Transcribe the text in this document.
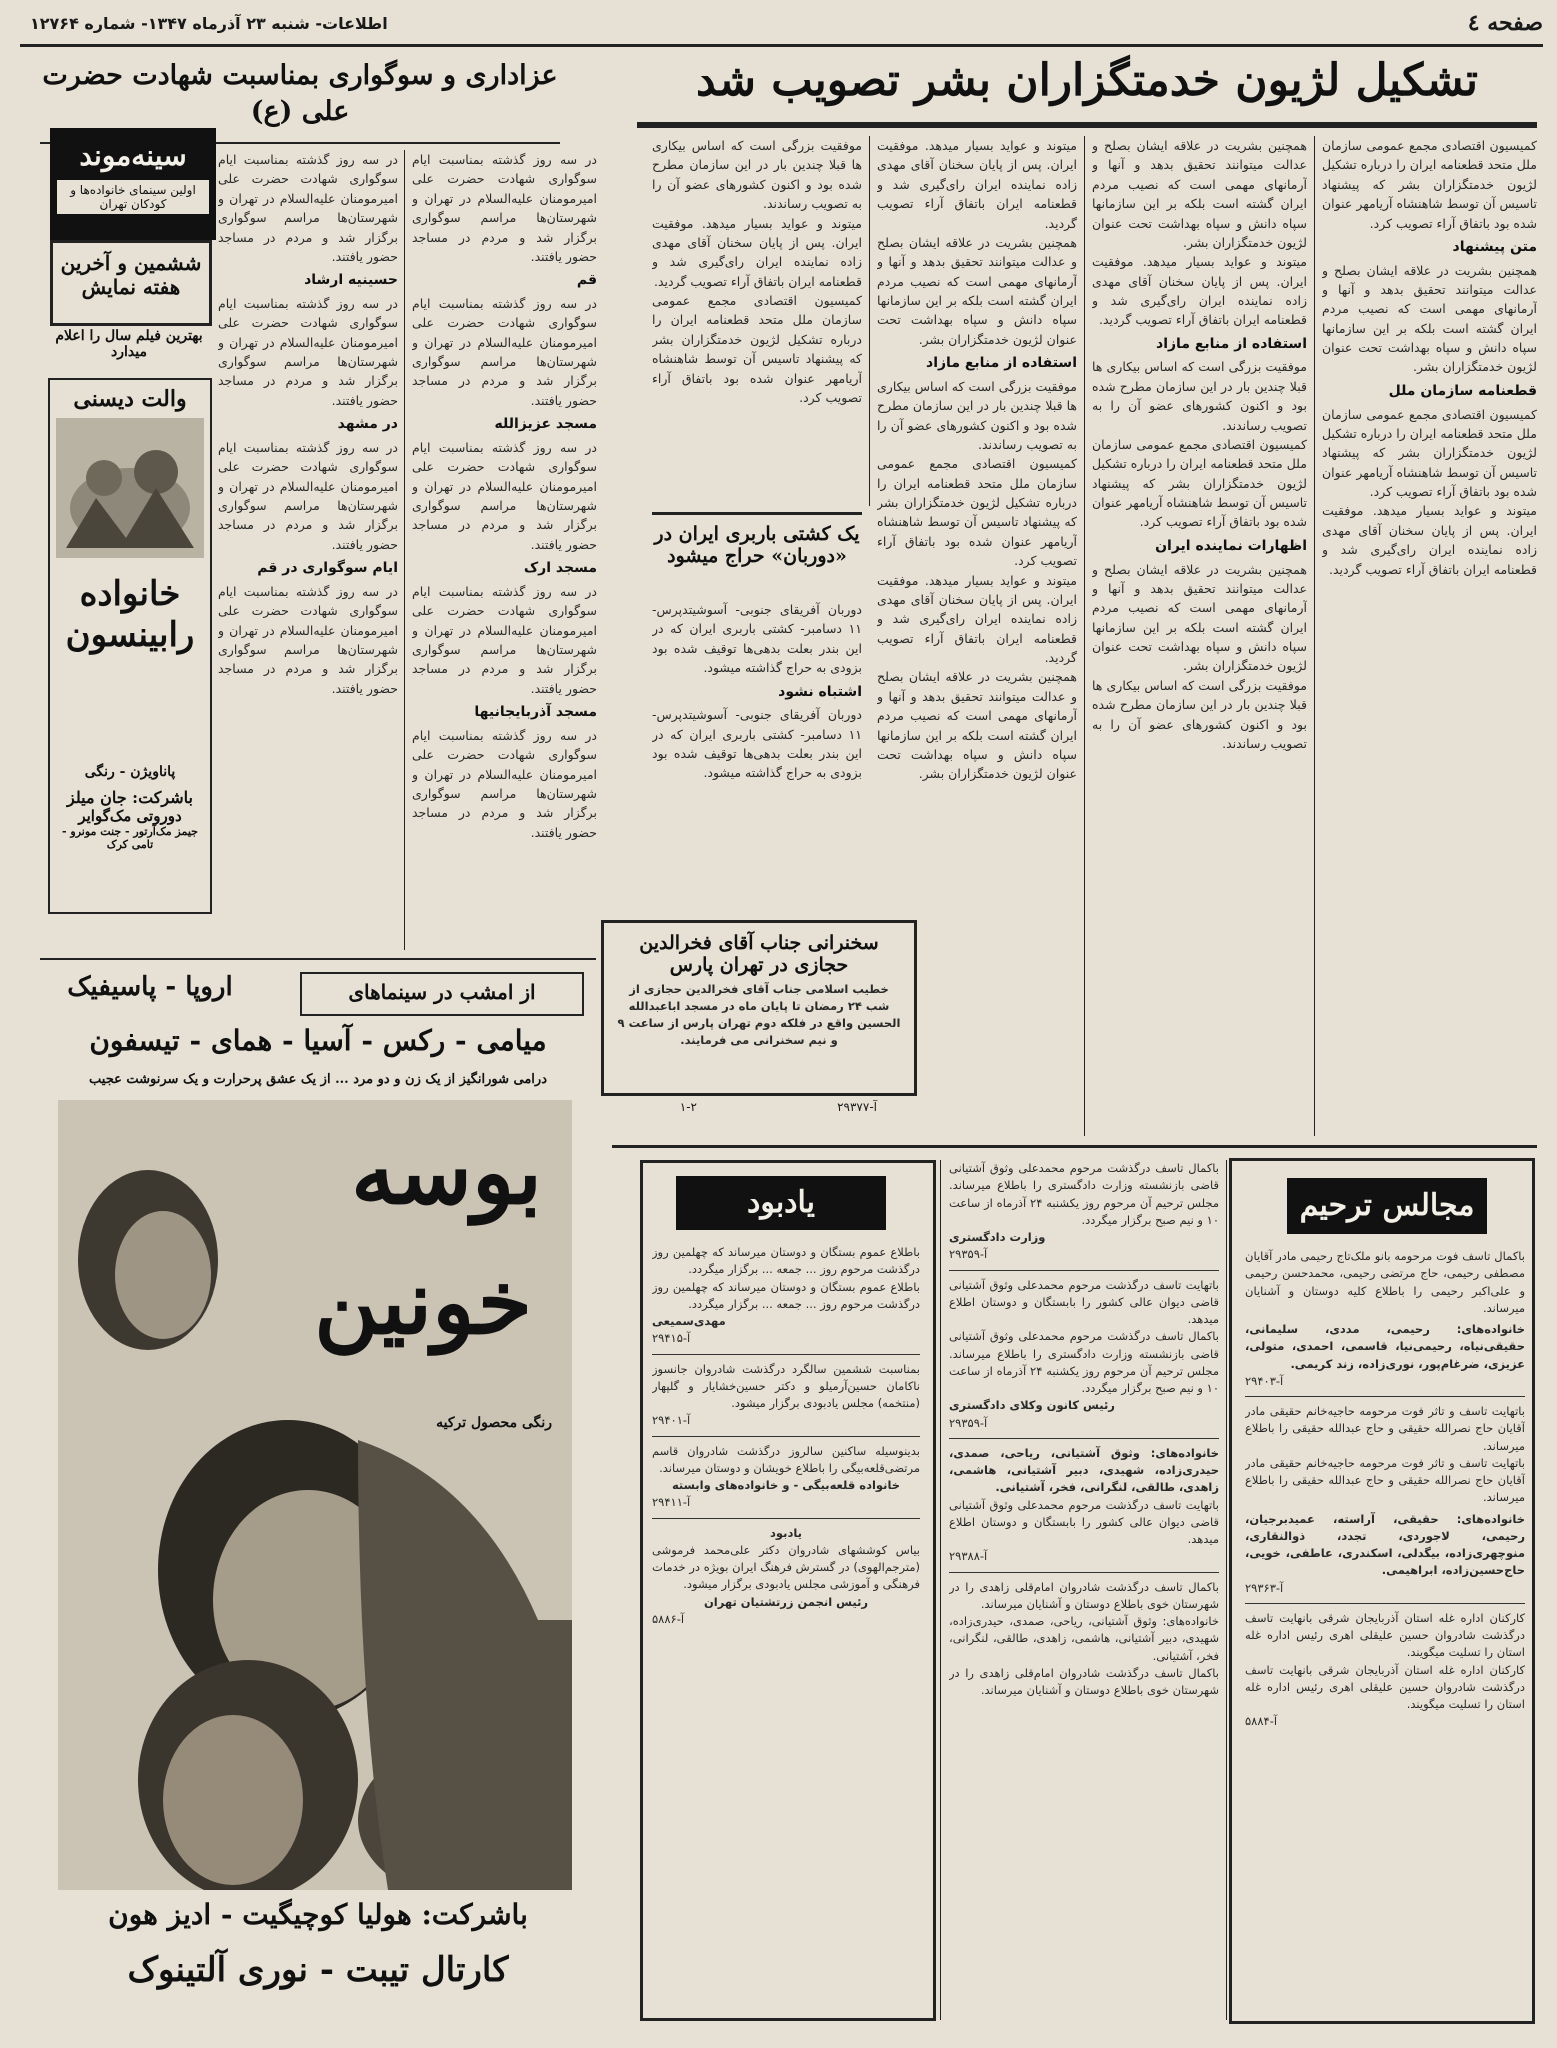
صفحه ٤
اطلاعات- شنبه ۲۳ آذرماه ۱۳۴۷- شماره ۱۲۷۶۴
تشکیل لژیون خدمتگزاران بشر تصویب شد
کمیسیون اقتصادی مجمع عمومی سازمان ملل متحد قطعنامه ایران را درباره تشکیل لژیون خدمتگزاران بشر که پیشنهاد تاسیس آن توسط شاهنشاه آریامهر عنوان شده بود باتفاق آراء تصویب کرد.
متن پیشنهاد
همچنین بشریت در علاقه ایشان بصلح و عدالت میتوانند تحقیق بدهد و آنها و آرمانهای مهمی است که نصیب مردم ایران گشته است بلکه بر این سازمانها سپاه دانش و سپاه بهداشت تحت عنوان لژیون خدمتگزاران بشر.
قطعنامه سازمان ملل
کمیسیون اقتصادی مجمع عمومی سازمان ملل متحد قطعنامه ایران را درباره تشکیل لژیون خدمتگزاران بشر که پیشنهاد تاسیس آن توسط شاهنشاه آریامهر عنوان شده بود باتفاق آراء تصویب کرد.
میتوند و عواید بسیار میدهد. موفقیت ایران. پس از پایان سخنان آقای مهدی‌ زاده نماینده ایران رای‌گیری شد و قطعنامه ایران باتفاق آراء تصویب گردید.
همچنین بشریت در علاقه ایشان بصلح و عدالت میتوانند تحقیق بدهد و آنها و آرمانهای مهمی است که نصیب مردم ایران گشته است بلکه بر این سازمانها سپاه دانش و سپاه بهداشت تحت عنوان لژیون خدمتگزاران بشر.
میتوند و عواید بسیار میدهد. موفقیت ایران. پس از پایان سخنان آقای مهدی‌ زاده نماینده ایران رای‌گیری شد و قطعنامه ایران باتفاق آراء تصویب گردید.
استفاده از منابع مازاد
موفقیت بزرگی است که اساس بیکاری ها قبلا چندین بار در این سازمان مطرح شده بود و اکنون کشورهای عضو آن را به تصویب رساندند.
کمیسیون اقتصادی مجمع عمومی سازمان ملل متحد قطعنامه ایران را درباره تشکیل لژیون خدمتگزاران بشر که پیشنهاد تاسیس آن توسط شاهنشاه آریامهر عنوان شده بود باتفاق آراء تصویب کرد.
اظهارات نماینده ایران
همچنین بشریت در علاقه ایشان بصلح و عدالت میتوانند تحقیق بدهد و آنها و آرمانهای مهمی است که نصیب مردم ایران گشته است بلکه بر این سازمانها سپاه دانش و سپاه بهداشت تحت عنوان لژیون خدمتگزاران بشر.
موفقیت بزرگی است که اساس بیکاری ها قبلا چندین بار در این سازمان مطرح شده بود و اکنون کشورهای عضو آن را به تصویب رساندند.
میتوند و عواید بسیار میدهد. موفقیت ایران. پس از پایان سخنان آقای مهدی‌ زاده نماینده ایران رای‌گیری شد و قطعنامه ایران باتفاق آراء تصویب گردید.
همچنین بشریت در علاقه ایشان بصلح و عدالت میتوانند تحقیق بدهد و آنها و آرمانهای مهمی است که نصیب مردم ایران گشته است بلکه بر این سازمانها سپاه دانش و سپاه بهداشت تحت عنوان لژیون خدمتگزاران بشر.
استفاده از منابع مازاد
موفقیت بزرگی است که اساس بیکاری ها قبلا چندین بار در این سازمان مطرح شده بود و اکنون کشورهای عضو آن را به تصویب رساندند.
کمیسیون اقتصادی مجمع عمومی سازمان ملل متحد قطعنامه ایران را درباره تشکیل لژیون خدمتگزاران بشر که پیشنهاد تاسیس آن توسط شاهنشاه آریامهر عنوان شده بود باتفاق آراء تصویب کرد.
میتوند و عواید بسیار میدهد. موفقیت ایران. پس از پایان سخنان آقای مهدی‌ زاده نماینده ایران رای‌گیری شد و قطعنامه ایران باتفاق آراء تصویب گردید.
همچنین بشریت در علاقه ایشان بصلح و عدالت میتوانند تحقیق بدهد و آنها و آرمانهای مهمی است که نصیب مردم ایران گشته است بلکه بر این سازمانها سپاه دانش و سپاه بهداشت تحت عنوان لژیون خدمتگزاران بشر.
موفقیت بزرگی است که اساس بیکاری ها قبلا چندین بار در این سازمان مطرح شده بود و اکنون کشورهای عضو آن را به تصویب رساندند.
میتوند و عواید بسیار میدهد. موفقیت ایران. پس از پایان سخنان آقای مهدی‌ زاده نماینده ایران رای‌گیری شد و قطعنامه ایران باتفاق آراء تصویب گردید.
کمیسیون اقتصادی مجمع عمومی سازمان ملل متحد قطعنامه ایران را درباره تشکیل لژیون خدمتگزاران بشر که پیشنهاد تاسیس آن توسط شاهنشاه آریامهر عنوان شده بود باتفاق آراء تصویب کرد.
یک کشتی باربری ایران در «دوربان» حراج میشود
دوربان آفریقای جنوبی- آسوشیتدپرس- ۱۱ دسامبر- کشتی باربری ایران که در این بندر بعلت بدهی‌ها توقیف شده بود بزودی به حراج گذاشته میشود.
اشتباه نشود
دوربان آفریقای جنوبی- آسوشیتدپرس- ۱۱ دسامبر- کشتی باربری ایران که در این بندر بعلت بدهی‌ها توقیف شده بود بزودی به حراج گذاشته میشود.
سخنرانی جناب آقای فخرالدین حجازی در تهران پارس
خطیب اسلامی جناب آقای فخرالدین حجازی از شب ۲۴ رمضان تا پایان ماه در مسجد اباعبدالله الحسین واقع در فلکه دوم تهران پارس از ساعت ۹ و نیم سخنرانی می فرمایند.
۱-۲	آ-۲۹۳۷۷
عزاداری و سوگواری بمناسبت شهادت حضرت علی (ع)
در سه روز گذشته بمناسبت ایام سوگواری شهادت حضرت علی امیرمومنان علیه‌السلام در تهران و شهرستان‌ها مراسم سوگواری برگزار شد و مردم در مساجد حضور یافتند.
قم
در سه روز گذشته بمناسبت ایام سوگواری شهادت حضرت علی امیرمومنان علیه‌السلام در تهران و شهرستان‌ها مراسم سوگواری برگزار شد و مردم در مساجد حضور یافتند.
مسجد عزیزالله
در سه روز گذشته بمناسبت ایام سوگواری شهادت حضرت علی امیرمومنان علیه‌السلام در تهران و شهرستان‌ها مراسم سوگواری برگزار شد و مردم در مساجد حضور یافتند.
مسجد ارک
در سه روز گذشته بمناسبت ایام سوگواری شهادت حضرت علی امیرمومنان علیه‌السلام در تهران و شهرستان‌ها مراسم سوگواری برگزار شد و مردم در مساجد حضور یافتند.
مسجد آذربایجانیها
در سه روز گذشته بمناسبت ایام سوگواری شهادت حضرت علی امیرمومنان علیه‌السلام در تهران و شهرستان‌ها مراسم سوگواری برگزار شد و مردم در مساجد حضور یافتند.
در سه روز گذشته بمناسبت ایام سوگواری شهادت حضرت علی امیرمومنان علیه‌السلام در تهران و شهرستان‌ها مراسم سوگواری برگزار شد و مردم در مساجد حضور یافتند.
حسینیه ارشاد
در سه روز گذشته بمناسبت ایام سوگواری شهادت حضرت علی امیرمومنان علیه‌السلام در تهران و شهرستان‌ها مراسم سوگواری برگزار شد و مردم در مساجد حضور یافتند.
در مشهد
در سه روز گذشته بمناسبت ایام سوگواری شهادت حضرت علی امیرمومنان علیه‌السلام در تهران و شهرستان‌ها مراسم سوگواری برگزار شد و مردم در مساجد حضور یافتند.
ایام سوگواری در قم
در سه روز گذشته بمناسبت ایام سوگواری شهادت حضرت علی امیرمومنان علیه‌السلام در تهران و شهرستان‌ها مراسم سوگواری برگزار شد و مردم در مساجد حضور یافتند.
سینه‌موند
اولین سینمای خانواده‌ها و کودکان تهران
ششمین و آخرین هفته نمایش
بهترین فیلم سال را اعلام میدارد
والت دیسنی
خانواده رابینسون
پاناویژن - رنگی
باشرکت: جان میلز
دوروتی مک‌گوایر
جیمز مک‌آرتور - جنت مونرو - تامی کرک
اروپا - پاسیفیک	از امشب در سینماهای
میامی - رکس - آسیا - همای - تیسفون
درامی شورانگیز از یک زن و دو مرد ... از یک عشق پرحرارت و یک سرنوشت عجیب
بوسه
خونین
رنگی محصول ترکیه
باشرکت: هولیا کوچیگیت - ادیز هون
کارتال تیبت - نوری آلتینوک
مجالس ترحیم
باکمال تاسف فوت مرحومه بانو ملک‌تاج رحیمی مادر آقایان مصطفی رحیمی، حاج مرتضی رحیمی، محمدحسن رحیمی و علی‌اکبر رحیمی را باطلاع کلیه دوستان و آشنایان میرساند.
خانواده‌های: رحیمی، مددی، سلیمانی، حقیقی‌نیاه، رحیمی‌نیا، قاسمی، احمدی، متولی، عزیزی، ضرغام‌پور، نوری‌زاده، زند کریمی.
آ-۲۹۴۰۳
باتهایت تاسف و تاثر فوت مرحومه حاجیه‌خانم حقیقی مادر آقایان حاج نصرالله حقیقی و حاج عبدالله حقیقی را باطلاع میرساند.
باتهایت تاسف و تاثر فوت مرحومه حاجیه‌خانم حقیقی مادر آقایان حاج نصرالله حقیقی و حاج عبدالله حقیقی را باطلاع میرساند.
خانواده‌های: حقیقی، آراسته، عمیدبرجیان، رحیمی، لاجوردی، تجدد، ذوالنقاری، منوچهری‌زاده، بیگدلی، اسکندری، عاطفی، خویی، حاج‌حسین‌زاده، ابراهیمی.
آ-۲۹۳۶۳
کارکنان اداره غله استان آذربایجان شرقی بانهایت تاسف درگذشت شادروان حسین علیقلی اهری رئیس اداره غله استان را تسلیت میگویند.
کارکنان اداره غله استان آذربایجان شرقی بانهایت تاسف درگذشت شادروان حسین علیقلی اهری رئیس اداره غله استان را تسلیت میگویند.
آ-۵۸۸۴
باکمال تاسف درگذشت مرحوم محمدعلی وثوق آشتیانی قاضی بازنشسته وزارت دادگستری را باطلاع میرساند. مجلس ترحیم آن مرحوم روز یکشنبه ۲۴ آذرماه از ساعت ۱۰ و نیم صبح برگزار میگردد.
وزارت دادگستری
آ-۲۹۳۵۹
باتهایت تاسف درگذشت مرحوم محمدعلی وثوق آشتیانی قاضی دیوان عالی کشور را بابستگان و دوستان اطلاع میدهد.
باکمال تاسف درگذشت مرحوم محمدعلی وثوق آشتیانی قاضی بازنشسته وزارت دادگستری را باطلاع میرساند. مجلس ترحیم آن مرحوم روز یکشنبه ۲۴ آذرماه از ساعت ۱۰ و نیم صبح برگزار میگردد.
رئیس کانون وکلای دادگستری
آ-۲۹۳۵۹
خانواده‌های: وثوق آشتیانی، ریاحی، صمدی، حیدری‌زاده، شهیدی، دبیر آشتیانی، هاشمی، زاهدی، طالقی، لنگرانی، فخر، آشتیانی.
باتهایت تاسف درگذشت مرحوم محمدعلی وثوق آشتیانی قاضی دیوان عالی کشور را بابستگان و دوستان اطلاع میدهد.
آ-۲۹۳۸۸
باکمال تاسف درگذشت شادروان امام‌قلی زاهدی را در شهرستان خوی باطلاع دوستان و آشنایان میرساند.
خانواده‌های: وثوق آشتیانی، ریاحی، صمدی، حیدری‌زاده، شهیدی، دبیر آشتیانی، هاشمی، زاهدی، طالقی، لنگرانی، فخر، آشتیانی.
باکمال تاسف درگذشت شادروان امام‌قلی زاهدی را در شهرستان خوی باطلاع دوستان و آشنایان میرساند.
یادبود
باطلاع عموم بستگان و دوستان میرساند که چهلمین روز درگذشت مرحوم روز ... جمعه ... برگزار میگردد.
باطلاع عموم بستگان و دوستان میرساند که چهلمین روز درگذشت مرحوم روز ... جمعه ... برگزار میگردد.
مهدی‌سمیعی
آ-۲۹۴۱۵
بمناسبت ششمین سالگرد درگذشت شادروان جانسوز ناکامان حسین‌آرمیلو و دکتر حسین‌خشایار و گلپهار (منتخمه) مجلس یادبودی برگزار میشود.
آ-۲۹۴۰۱
بدینوسیله ساکنین سالروز درگذشت شادروان قاسم مرتضی‌قلعه‌بیگی را باطلاع خویشان و دوستان میرساند.
خانواده قلعه‌بیگی - و خانواده‌های وابسته
آ-۲۹۴۱۱
یادبود
بیاس کوششهای شادروان دکتر علی‌محمد فرموشی (مترجم‌الهوی) در گسترش فرهنگ ایران بویژه در خدمات فرهنگی و آموزشی مجلس یادبودی برگزار میشود.
رئیس انجمن زرتشتیان تهران
آ-۵۸۸۶
